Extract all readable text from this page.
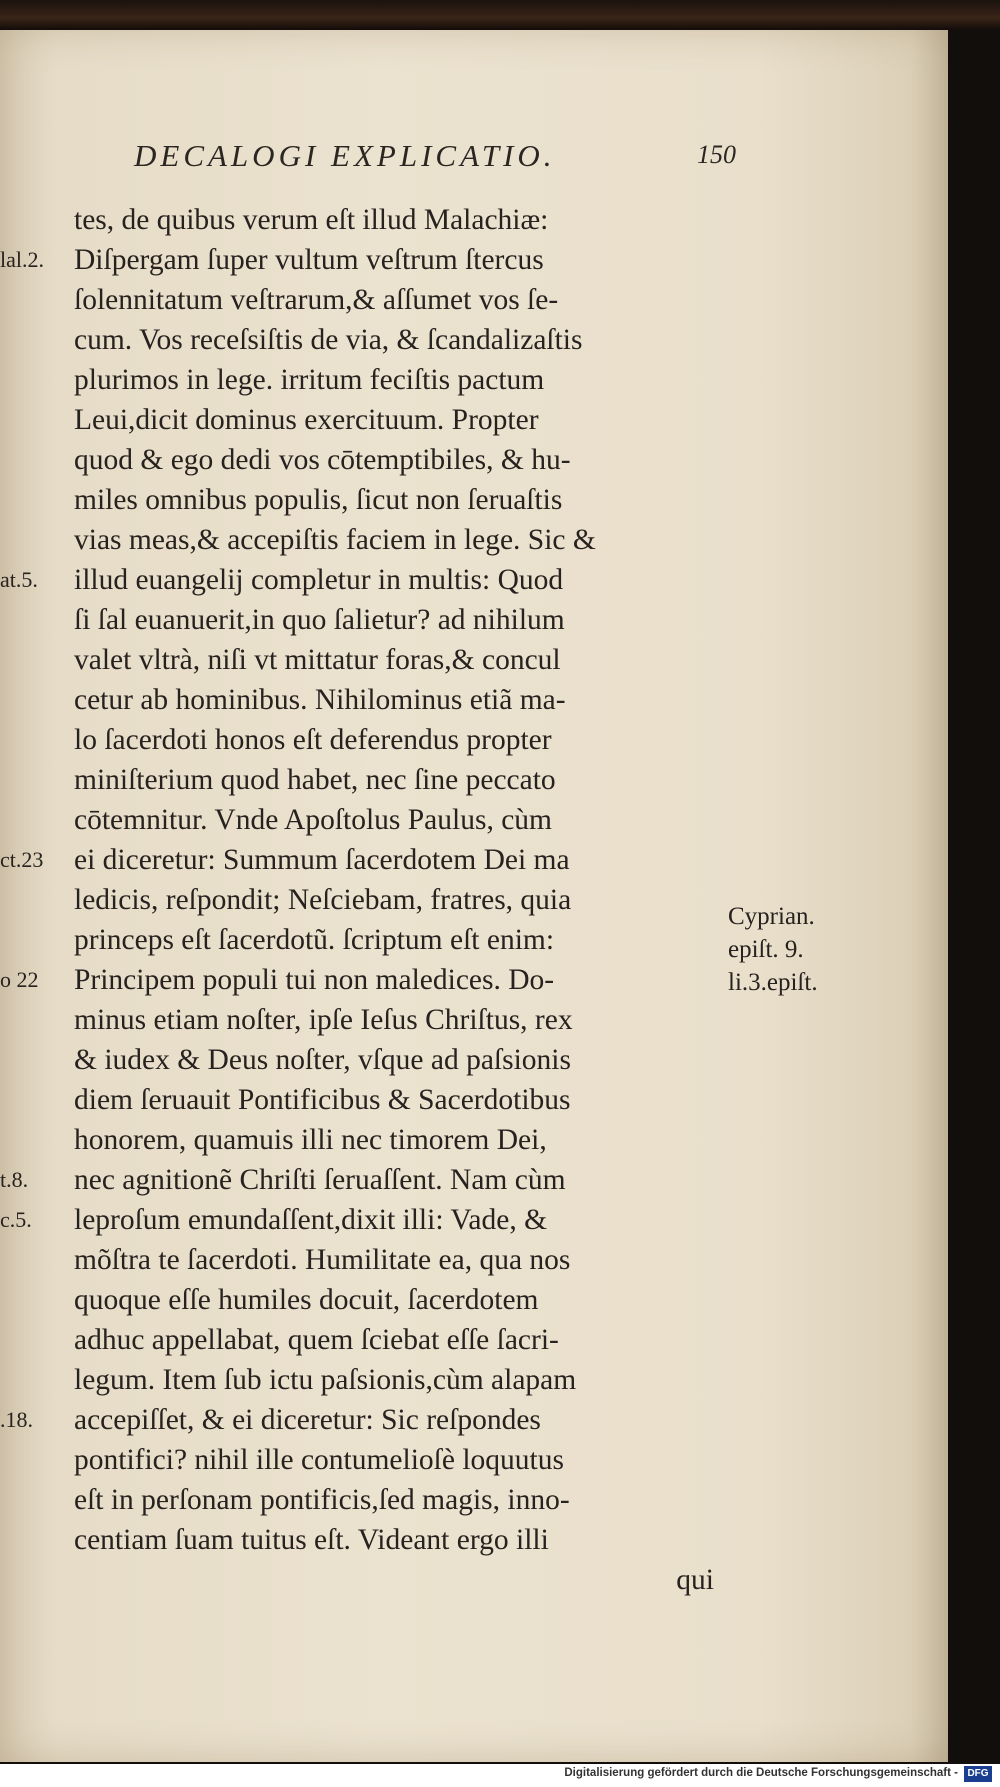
DECALOGI EXPLICATIO.	150
lal.2.
at.5.
ct.23
o 22
t.8.
c.5.
.18.
tes, de quibus verum eſt illud Malachiæ:
Diſpergam ſuper vultum veſtrum ſtercus
ſolennitatum veſtrarum,& aſſumet vos ſe-
cum. Vos receſsiſtis de via, & ſcandalizaſtis
plurimos in lege. irritum feciſtis pactum
Leui,dicit dominus exercituum. Propter
quod & ego dedi vos cōtemptibiles, & hu-
miles omnibus populis, ſicut non ſeruaſtis
vias meas,& accepiſtis faciem in lege. Sic &
illud euangelij completur in multis: Quod
ſi ſal euanuerit,in quo ſalietur? ad nihilum
valet vltrà, niſi vt mittatur foras,& concul
cetur ab hominibus. Nihilominus etiã ma-
lo ſacerdoti honos eſt deferendus propter
miniſterium quod habet, nec ſine peccato
cōtemnitur. Vnde Apoſtolus Paulus, cùm
ei diceretur: Summum ſacerdotem Dei ma
ledicis, reſpondit; Neſciebam, fratres, quia
princeps eſt ſacerdotũ. ſcriptum eſt enim:
Principem populi tui non maledices. Do-
minus etiam noſter, ipſe Ieſus Chriſtus, rex
& iudex & Deus noſter, vſque ad paſsionis
diem ſeruauit Pontificibus & Sacerdotibus
honorem, quamuis illi nec timorem Dei,
nec agnitionẽ Chriſti ſeruaſſent. Nam cùm
leproſum emundaſſent,dixit illi: Vade, &
mõſtra te ſacerdoti. Humilitate ea, qua nos
quoque eſſe humiles docuit, ſacerdotem
adhuc appellabat, quem ſciebat eſſe ſacri-
legum. Item ſub ictu paſsionis,cùm alapam
accepiſſet, & ei diceretur: Sic reſpondes
pontifici? nihil ille contumelioſè loquutus
eſt in perſonam pontificis,ſed magis, inno-
centiam ſuam tuitus eſt. Videant ergo illi
qui
Cyprian.
epiſt. 9.
li.3.epiſt.
Digitalisierung gefördert durch die Deutsche Forschungsgemeinschaft - DFG
